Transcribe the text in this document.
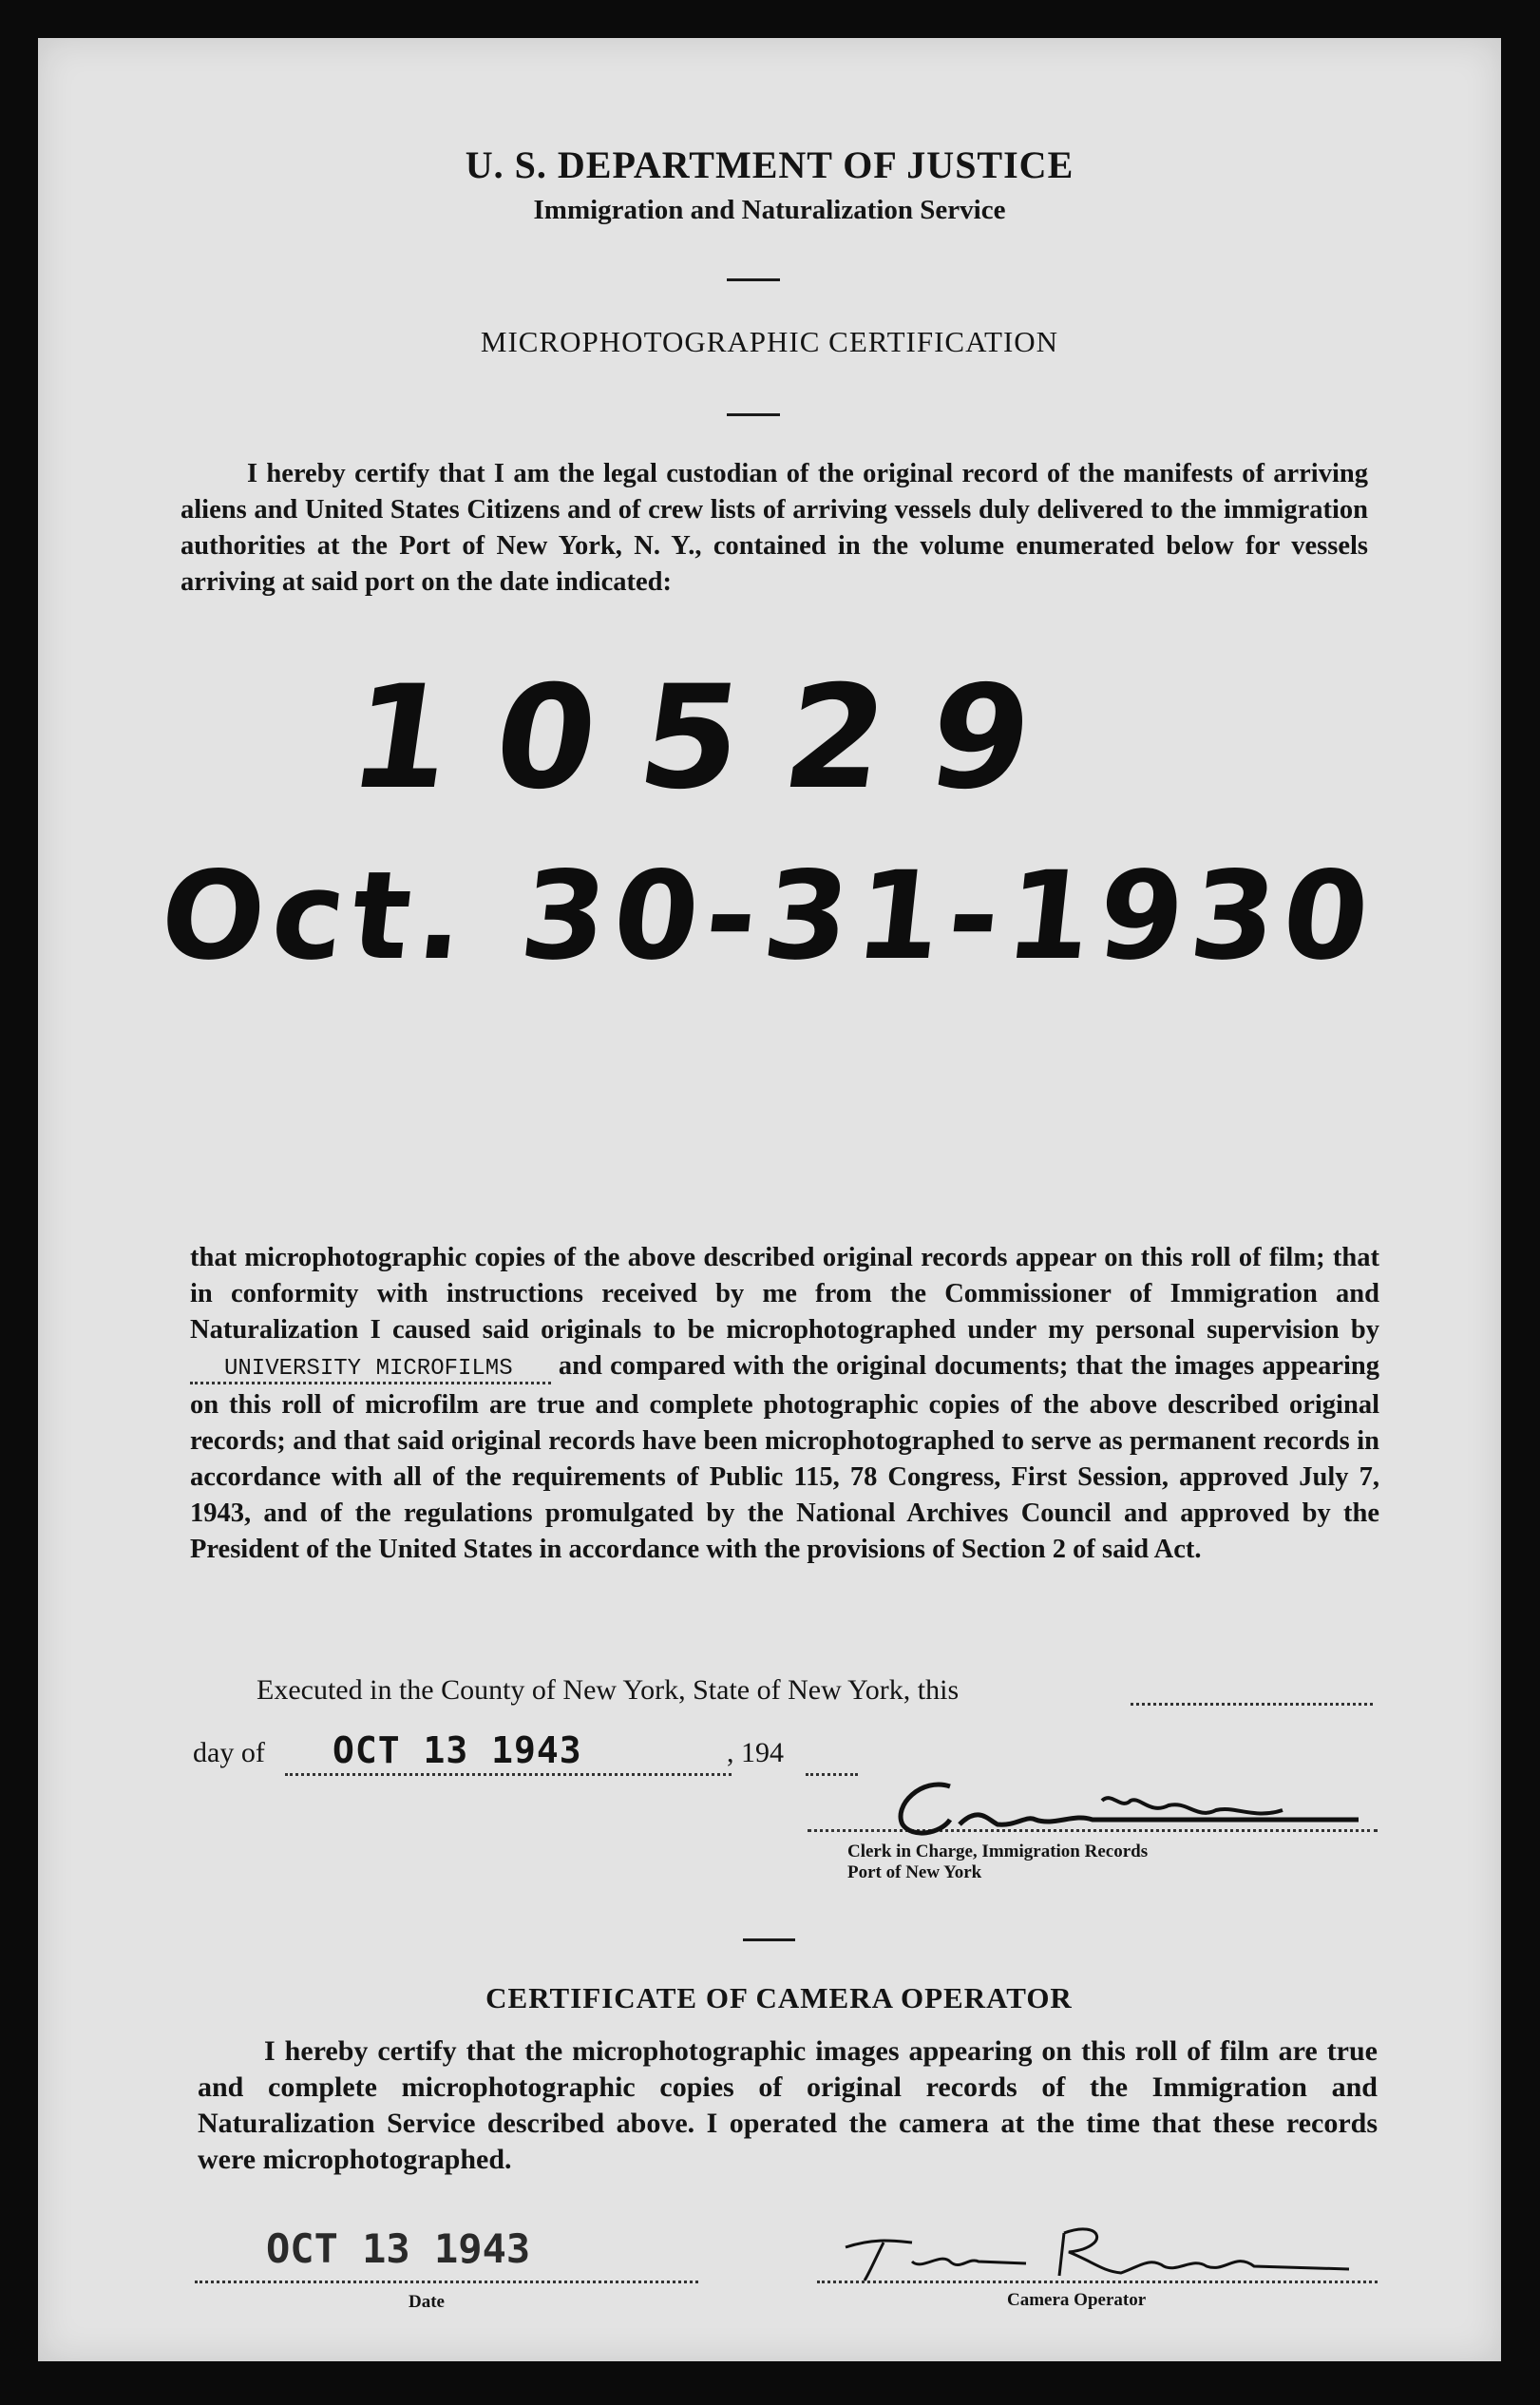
U. S. DEPARTMENT OF JUSTICE
Immigration and Naturalization Service
MICROPHOTOGRAPHIC CERTIFICATION

I hereby certify that I am the legal custodian of the original record of the manifests of arriving aliens and United States Citizens and of crew lists of arriving vessels duly delivered to the immigration authorities at the Port of New York, N. Y., contained in the volume enumerated below for vessels arriving at said port on the date indicated:

10529
Oct. 30-31-1930

that microphotographic copies of the above described original records appear on this roll of film; that in conformity with instructions received by me from the Commissioner of Immigration and Naturalization I caused said originals to be microphotographed under my personal supervision by UNIVERSITY MICROFILMS and compared with the original documents; that the images appearing on this roll of microfilm are true and complete photographic copies of the above described original records; and that said original records have been microphotographed to serve as permanent records in accordance with all of the requirements of Public 115, 78 Congress, First Session, approved July 7, 1943, and of the regulations promulgated by the National Archives Council and approved by the President of the United States in accordance with the provisions of Section 2 of said Act.

Executed in the County of New York, State of New York, this
day of OCT 13 1943	, 194
Clerk in Charge, Immigration Records
Port of New York
CERTIFICATE OF CAMERA OPERATOR

I hereby certify that the microphotographic images appearing on this roll of film are true and complete microphotographic copies of original records of the Immigration and Naturalization Service described above. I operated the camera at the time that these records were microphotographed.

OCT 13 1943
Date	Camera Operator
